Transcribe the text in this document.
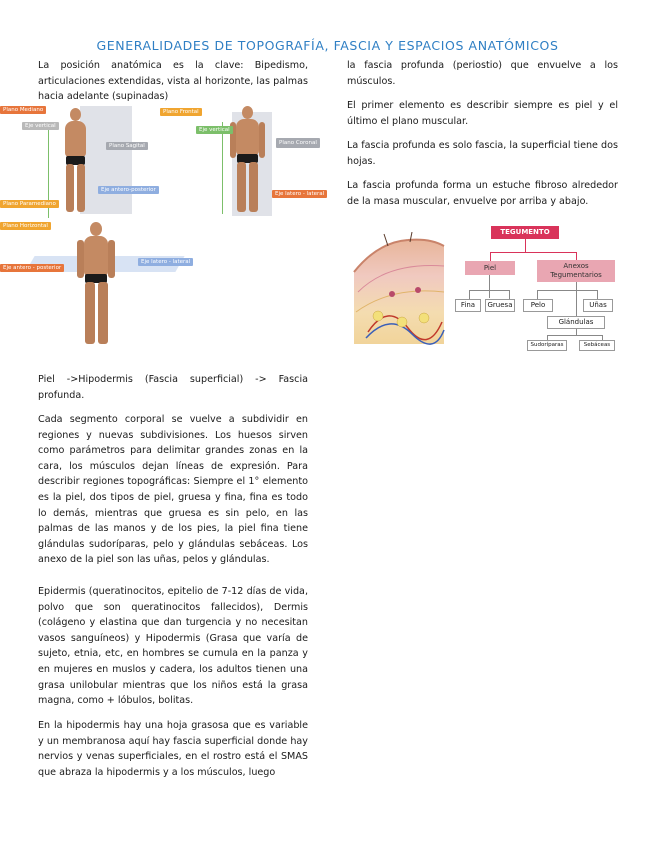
GENERALIDADES DE TOPOGRAFÍA, FASCIA Y ESPACIOS ANATÓMICOS

La posición anatómica es la clave: Bipedismo, articulaciones extendidas, vista al horizonte, las palmas hacia adelante (supinadas)

Plano Mediano
Eje vertical
Plano Sagital
Eje antero-posterior
Plano Paramediano
Plano Frontal
Eje vertical
Plano Coronal
Eje latero - lateral
Plano Horizontal
Eje antero - posterior
Eje latero - lateral

Piel ->Hipodermis (Fascia superficial) -> Fascia profunda.

Cada segmento corporal se vuelve a subdividir en regiones y nuevas subdivisiones. Los huesos sirven como parámetros para delimitar grandes zonas en la cara, los músculos dejan líneas de expresión. Para describir regiones topográficas: Siempre el 1° elemento es la piel, dos tipos de piel, gruesa y fina, fina es todo lo demás, mientras que gruesa es sin pelo, en las palmas de las manos y de los pies, la piel fina tiene glándulas sudoríparas, pelo y glándulas sebáceas. Los anexo de la piel son las uñas, pelos y glándulas.

Epidermis (queratinocitos, epitelio de 7-12 días de vida, polvo que son queratinocitos fallecidos), Dermis (colágeno y elastina que dan turgencia y no necesitan vasos sanguíneos) y Hipodermis (Grasa que varía de sujeto, etnia, etc, en hombres se cumula en la panza y en mujeres en muslos y cadera, los adultos tienen una grasa unilobular mientras que los niños está la grasa magna, como + lóbulos, bolitas.

En la hipodermis hay una hoja grasosa que es variable y un membranosa aquí hay fascia superficial donde hay nervios y venas superficiales, en el rostro está el SMAS que abraza la hipodermis y a los músculos, luego

la fascia profunda (periostio) que envuelve a los músculos.

El primer elemento es describir siempre es piel y el último el plano muscular.

La fascia profunda es solo fascia, la superficial tiene dos hojas.

La fascia profunda forma un estuche fibroso alrededor de la masa muscular, envuelve por arriba y abajo.

TEGUMENTO
Piel	Anexos Tegumentarios
Fina	Gruesa	Pelo	Uñas
Glándulas
Sudoríparas	Sebáceas
